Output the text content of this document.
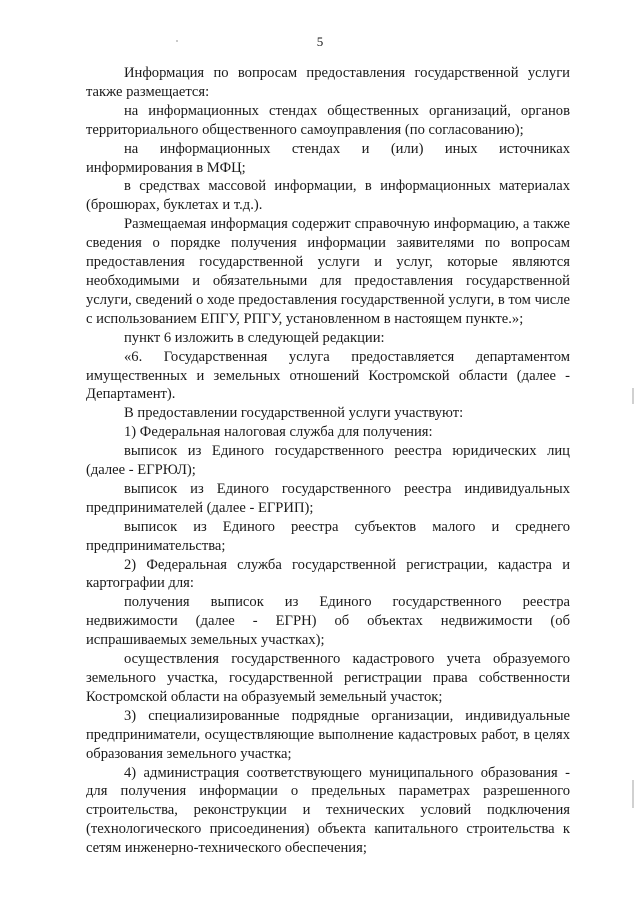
5

Информация по вопросам предоставления государственной услуги также размещается:

на информационных стендах общественных организаций, органов территориального общественного самоуправления (по согласованию);

на информационных стендах и (или) иных источниках информирования в МФЦ;

в средствах массовой информации, в информационных материалах (брошюрах, буклетах и т.д.).

Размещаемая информация содержит справочную информацию, а также сведения о порядке получения информации заявителями по вопросам предоставления государственной услуги и услуг, которые являются необходимыми и обязательными для предоставления государственной услуги, сведений о ходе предоставления государственной услуги, в том числе с использованием ЕПГУ, РПГУ, установленном в настоящем пункте.»;

пункт 6 изложить в следующей редакции:

«6. Государственная услуга предоставляется департаментом имущественных и земельных отношений Костромской области (далее - Департамент).

В предоставлении государственной услуги участвуют:

1) Федеральная налоговая служба для получения:

выписок из Единого государственного реестра юридических лиц (далее - ЕГРЮЛ);

выписок из Единого государственного реестра индивидуальных предпринимателей (далее - ЕГРИП);

выписок из Единого реестра субъектов малого и среднего предпринимательства;

2) Федеральная служба государственной регистрации, кадастра и картографии для:

получения выписок из Единого государственного реестра недвижимости (далее - ЕГРН) об объектах недвижимости (об испрашиваемых земельных участках);

осуществления государственного кадастрового учета образуемого земельного участка, государственной регистрации права собственности Костромской области на образуемый земельный участок;

3) специализированные подрядные организации, индивидуальные предприниматели, осуществляющие выполнение кадастровых работ, в целях образования земельного участка;

4) администрация соответствующего муниципального образования - для получения информации о предельных параметрах разрешенного строительства, реконструкции и технических условий подключения (технологического присоединения) объекта капитального строительства к сетям инженерно-технического обеспечения;
